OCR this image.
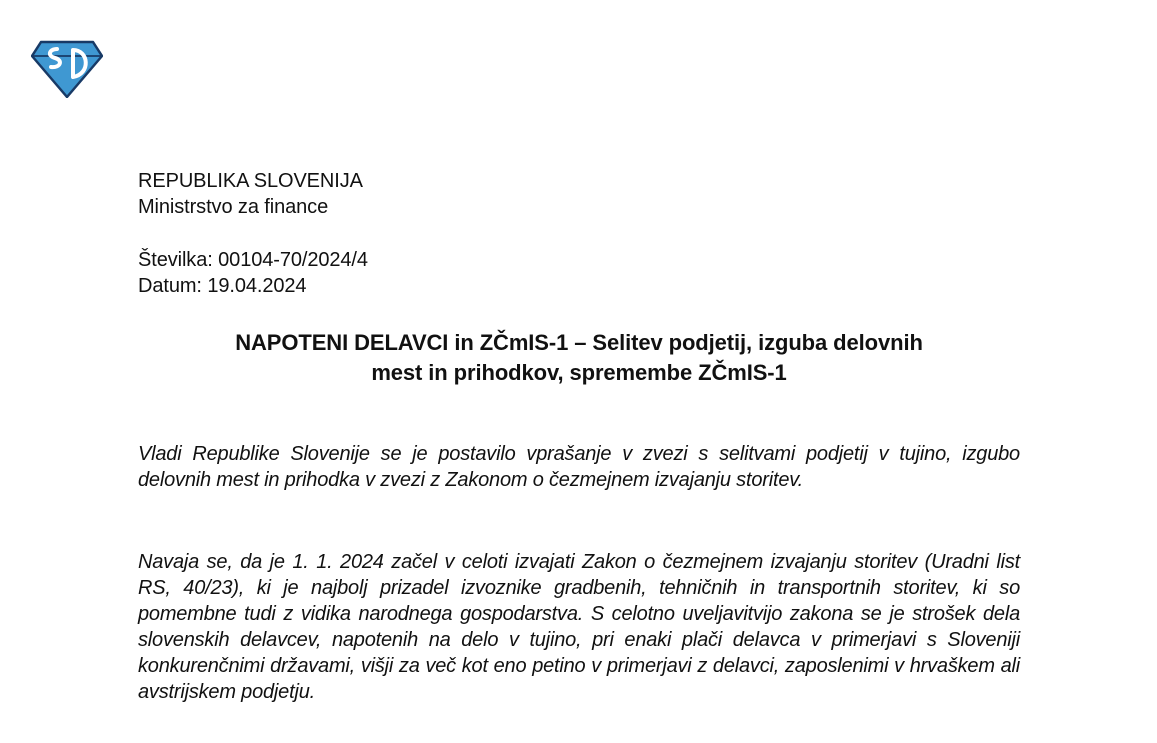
REPUBLIKA SLOVENIJA
Ministrstvo za finance
Številka: 00104-70/2024/4
Datum: 19.04.2024
NAPOTENI DELAVCI in ZČmIS-1 – Selitev podjetij, izguba delovnih
mest in prihodkov, spremembe ZČmIS-1

Vladi Republike Slovenije se je postavilo vprašanje v zvezi s selitvami podjetij v tujino, izgubo delovnih mest in prihodka v zvezi z Zakonom o čezmejnem izvajanju storitev.

Navaja se, da je 1. 1. 2024 začel v celoti izvajati Zakon o čezmejnem izvajanju storitev (Uradni list RS, 40/23), ki je najbolj prizadel izvoznike gradbenih, tehničnih in transportnih storitev, ki so pomembne tudi z vidika narodnega gospodarstva. S celotno uveljavitvijo zakona se je strošek dela slovenskih delavcev, napotenih na delo v tujino, pri enaki plači delavca v primerjavi s Sloveniji konkurenčnimi državami, višji za več kot eno petino v primerjavi z delavci, zaposlenimi v hrvaškem ali avstrijskem podjetju.
